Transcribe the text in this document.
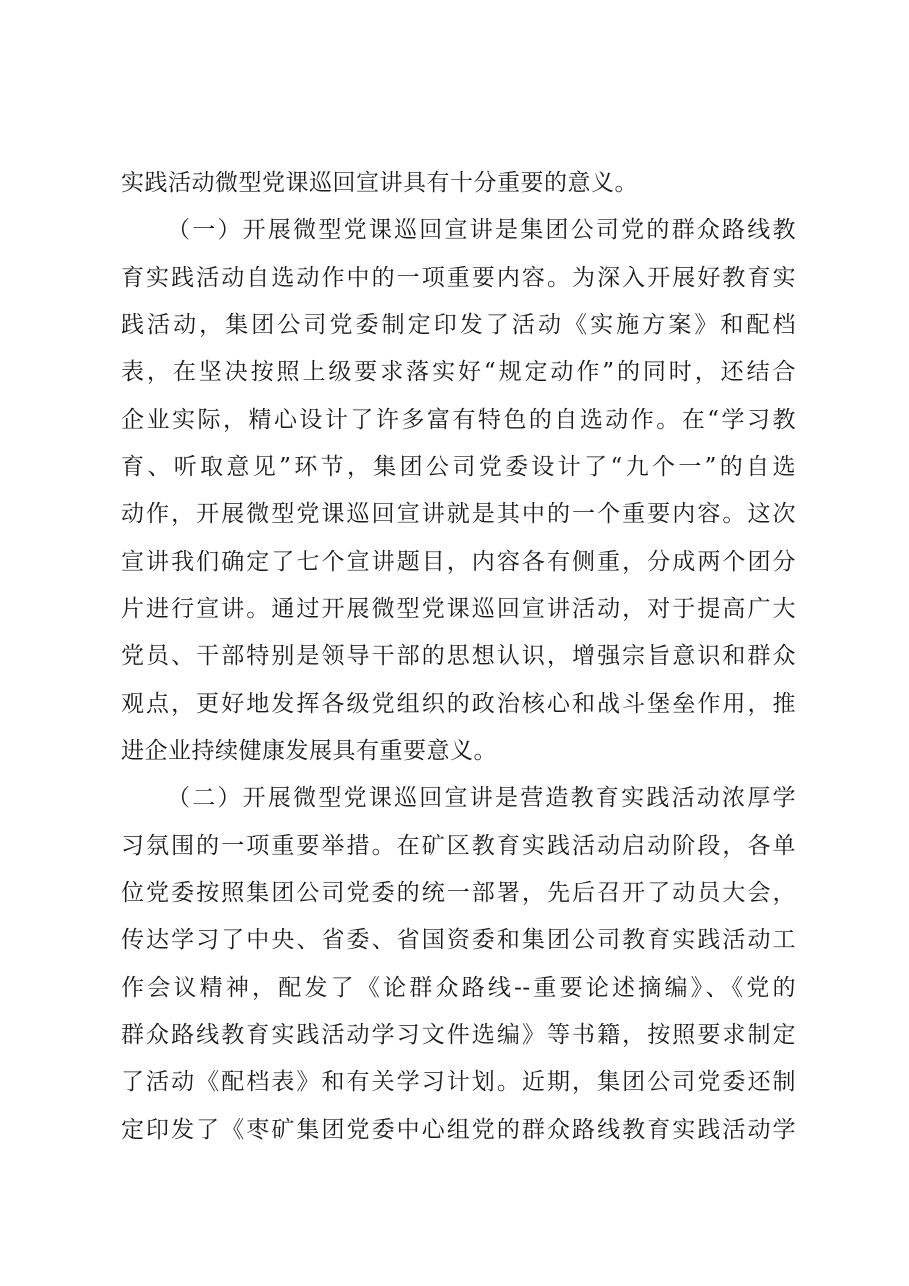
实践活动微型党课巡回宣讲具有十分重要的意义。
（一）开展微型党课巡回宣讲是集团公司党的群众路线教
育实践活动自选动作中的一项重要内容。为深入开展好教育实
践活动，集团公司党委制定印发了活动《实施方案》和配档
表，在坚决按照上级要求落实好“规定动作”的同时，还结合
企业实际，精心设计了许多富有特色的自选动作。在“学习教
育、听取意见”环节，集团公司党委设计了“九个一”的自选
动作，开展微型党课巡回宣讲就是其中的一个重要内容。这次
宣讲我们确定了七个宣讲题目，内容各有侧重，分成两个团分
片进行宣讲。通过开展微型党课巡回宣讲活动，对于提高广大
党员、干部特别是领导干部的思想认识，增强宗旨意识和群众
观点，更好地发挥各级党组织的政治核心和战斗堡垒作用，推
进企业持续健康发展具有重要意义。
（二）开展微型党课巡回宣讲是营造教育实践活动浓厚学
习氛围的一项重要举措。在矿区教育实践活动启动阶段，各单
位党委按照集团公司党委的统一部署，先后召开了动员大会，
传达学习了中央、省委、省国资委和集团公司教育实践活动工
作会议精神，配发了《论群众路线--重要论述摘编》、《党的
群众路线教育实践活动学习文件选编》等书籍，按照要求制定
了活动《配档表》和有关学习计划。近期，集团公司党委还制
定印发了《枣矿集团党委中心组党的群众路线教育实践活动学
